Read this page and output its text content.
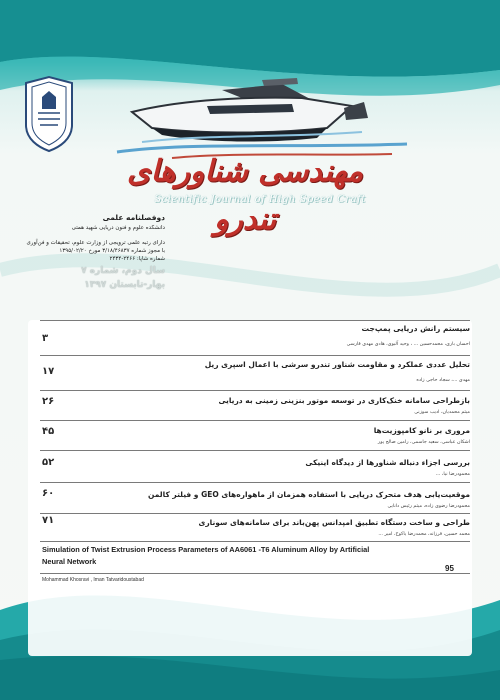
مهندسی شناورهای تندرو
Scientific Journal of High Speed Craft
دوفصلنامه علمی
دانشکده علوم و فنون دریایی شهید همتی
دارای رتبه علمی ترویجی از وزارت علوم، تحقیقات و فن‌آوری
با مجوز شماره ۳/۱۸/۴۶۸۳۷ مورخ ۱۳۹۵/۰۲/۲۰
شماره شاپا: ۲۴۶۶-۲۴۳۴
سال دوم، شماره ۷
بهار-تابستان ۱۳۹۷
سیستم رانش دریایی پمپ‌جت
۳
احسان باری، محمدحسین ... ، وحید آلبوی، هادی مهدی فارسی
تحلیل عددی عملکرد و مقاومت شناور تندرو سرشی با اعمال اسپری ریل
۱۷
مهدی ...، سجاد حاجی زاده
بازطراحی سامانه خنک‌کاری در توسعه موتور بنزینی زمینی به دریایی
۲۶
میثم محمدیان، ادیب سوزنی
مروری بر نانو کامپوزیت‌ها
۴۵
اشکان عباسی، سعید جاسمی، رامین صالح پور
بررسی اجزاء دنباله شناورها از دیدگاه اینیکی
۵۲
محمودرضا نیا، ...
موقعیت‌یابی هدف متحرک دریایی با استفاده همزمان از ماهواره‌های GEO و فیلتر کالمن
۶۰
محمودرضا رضوی زاده، میثم رئیس دانایی
طراحی و ساخت دستگاه تطبیق امپدانس پهن‌باند برای سامانه‌های سوناری
۷۱
محمد حسین، فرزانه، محمدرضا یاکوح، امیر ...
Simulation of Twist Extrusion Process Parameters of AA6061 -T6 Aluminum Alloy by Artificial
Neural Network
95
Mohammad Khosravi , Iman Tatvaridoustabad
